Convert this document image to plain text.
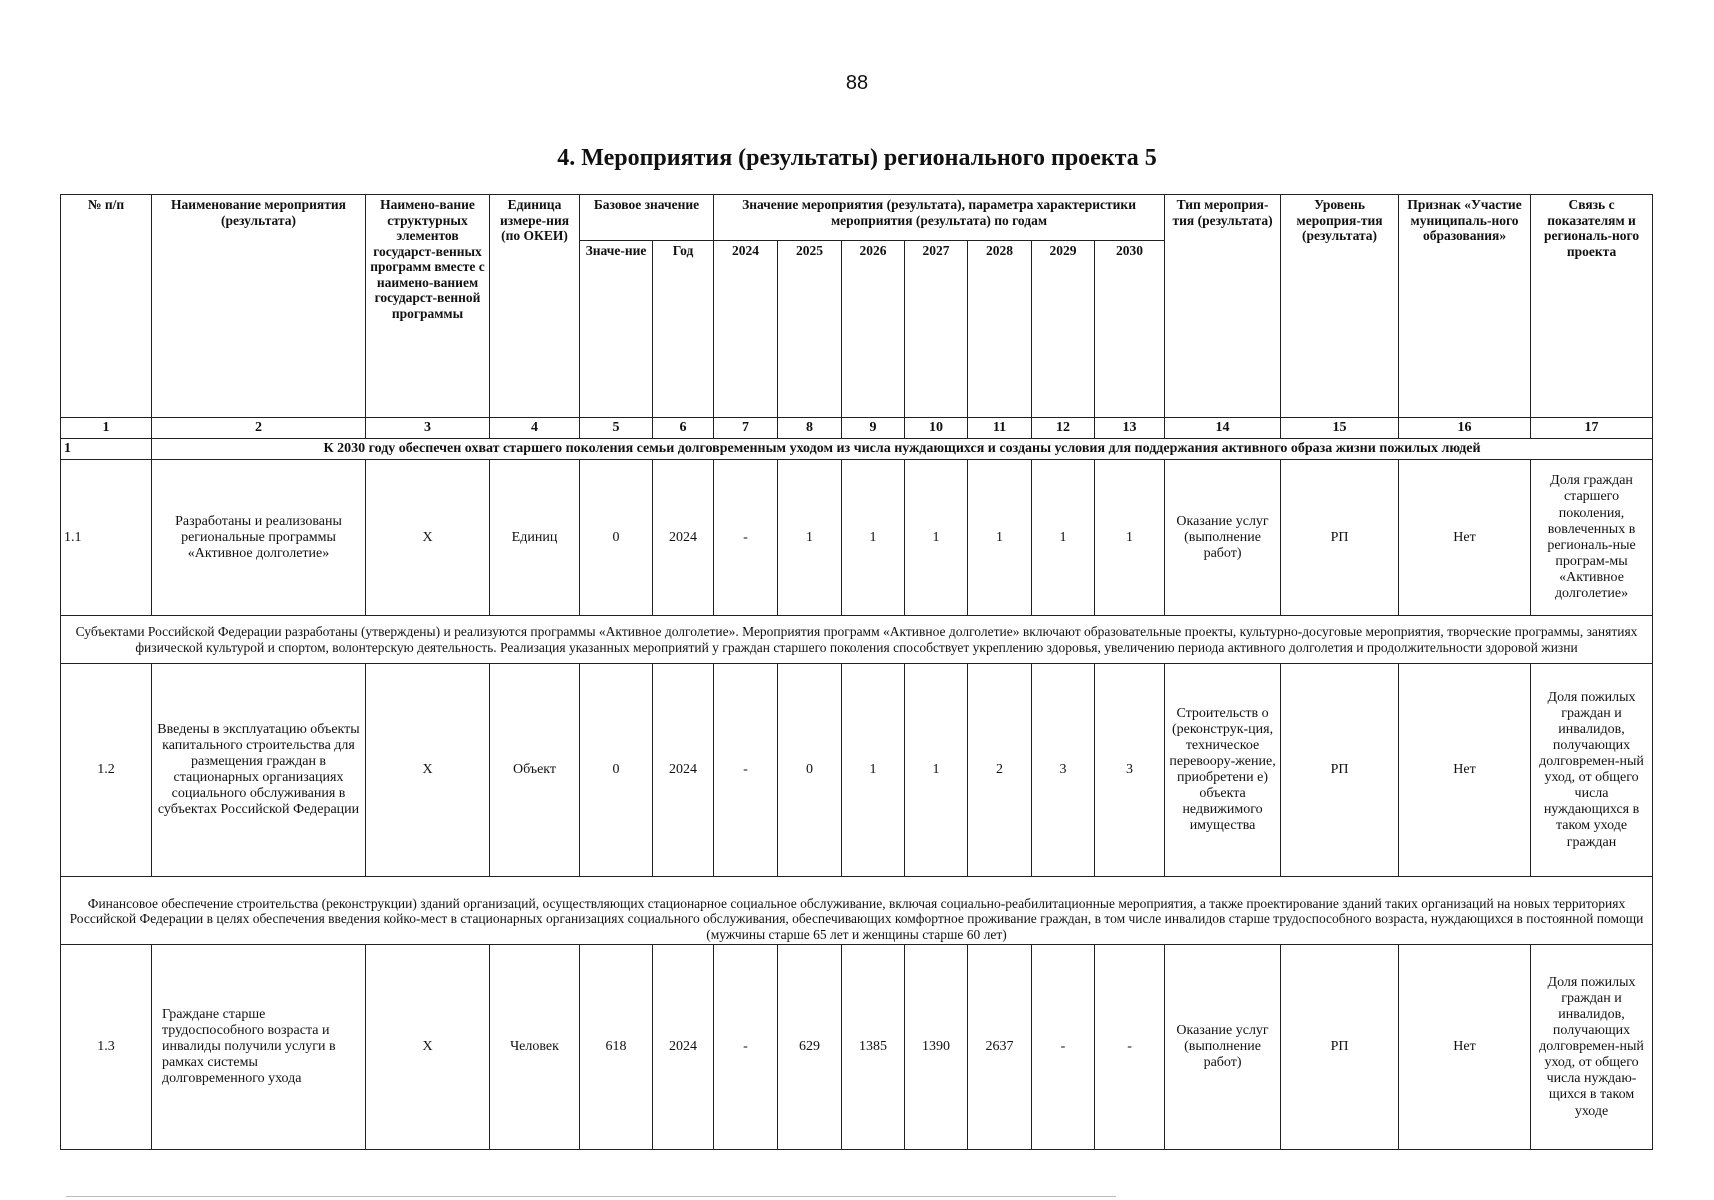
88
4. Мероприятия (результаты) регионального проекта 5
№ п/п	Наименование мероприятия (результата)	Наимено-вание структурных элементов государст-венных программ вместе с наимено-ванием государст-венной программы	Единица измере-ния (по ОКЕИ)	Базовое значение		Значение мероприятия (результата), параметра характеристики мероприятия (результата) по годам							Тип мероприя-тия (результата)	Уровень мероприя-тия (результата)	Признак «Участие муниципаль-ного образования»	Связь с показателям и региональ-ного проекта
				Значе-ние	Год	2024	2025	2026	2027	2028	2029	2030				
1	2	3	4	5	6	7	8	9	10	11	12	13	14	15	16	17
1	К 2030 году обеспечен охват старшего поколения семьи долговременным уходом из числа нуждающихся и созданы условия для поддержания активного образа жизни пожилых людей															
1.1	Разработаны и реализованы региональные программы «Активное долголетие»	Х	Единиц	0	2024	-	1	1	1	1	1	1	Оказание услуг (выполнение работ)	РП	Нет	Доля граждан старшего поколения, вовлеченных в региональ-ные програм-мы «Активное долголетие»
Субъектами Российской Федерации разработаны (утверждены) и реализуются программы «Активное долголетие». Мероприятия программ «Активное долголетие» включают образовательные проекты, культурно-досуговые мероприятия, творческие программы, занятиях физической культурой и спортом, волонтерскую деятельность. Реализация указанных мероприятий у граждан старшего поколения способствует укреплению здоровья, увеличению периода активного долголетия и продолжительности здоровой жизни																
1.2	Введены в эксплуатацию объекты капитального строительства для размещения граждан в стационарных организациях социального обслуживания в субъектах Российской Федерации	Х	Объект	0	2024	-	0	1	1	2	3	3	Строительств о (реконструк-ция, техническое перевоору-жение, приобретени е) объекта недвижимого имущества	РП	Нет	Доля пожилых граждан и инвалидов, получающих долговремен-ный уход, от общего числа нуждающихся в таком уходе граждан
Финансовое обеспечение строительства (реконструкции) зданий организаций, осуществляющих стационарное социальное обслуживание, включая социально-реабилитационные мероприятия, а также проектирование зданий таких организаций на новых территориях Российской Федерации в целях обеспечения введения койко-мест в стационарных организациях социального обслуживания, обеспечивающих комфортное проживание граждан, в том числе инвалидов старше трудоспособного возраста, нуждающихся в постоянной помощи (мужчины старше 65 лет и женщины старше 60 лет)																
1.3	Граждане старше трудоспособного возраста и инвалиды получили услуги в рамках системы долговременного ухода	Х	Человек	618	2024	-	629	1385	1390	2637	-	-	Оказание услуг (выполнение работ)	РП	Нет	Доля пожилых граждан и инвалидов, получающих долговремен-ный уход, от общего числа нуждаю-щихся в таком уходе
